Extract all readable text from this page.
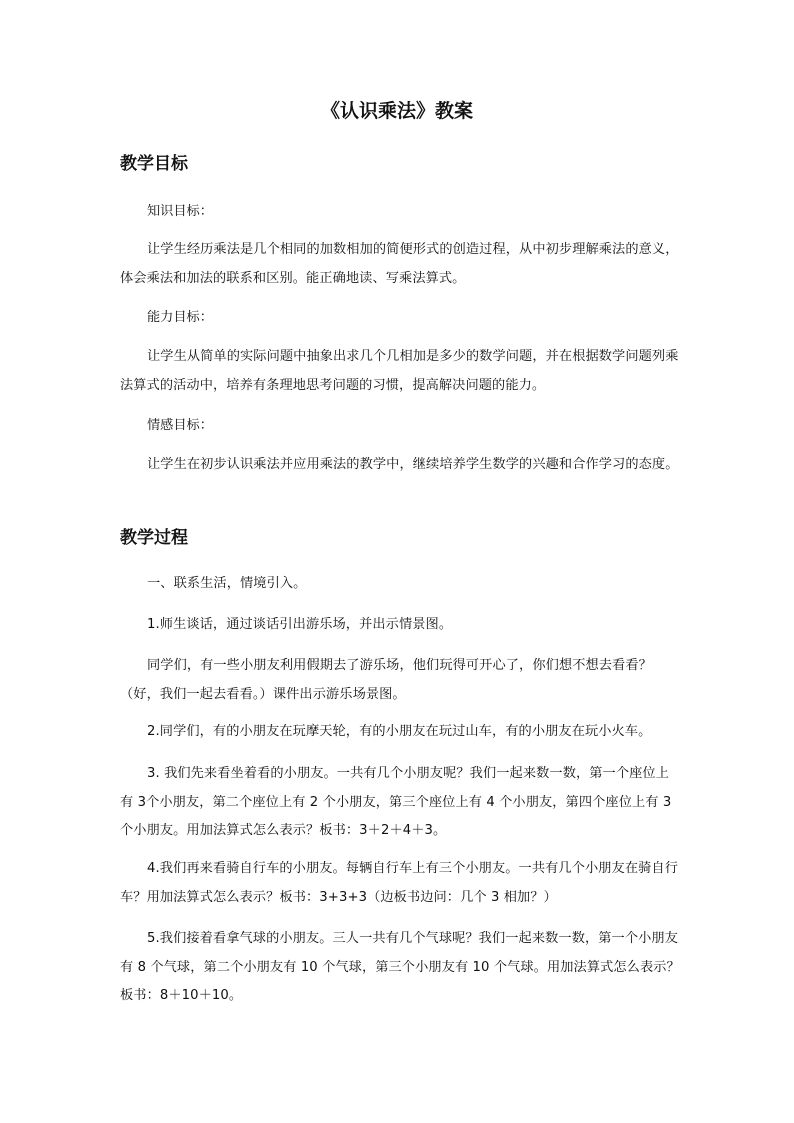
《认识乘法》教案
教学目标
知识目标：

让学生经历乘法是几个相同的加数相加的简便形式的创造过程，从中初步理解乘法的意义，体会乘法和加法的联系和区别。能正确地读、写乘法算式。

能力目标：

让学生从简单的实际问题中抽象出求几个几相加是多少的数学问题，并在根据数学问题列乘法算式的活动中，培养有条理地思考问题的习惯，提高解决问题的能力。

情感目标：

让学生在初步认识乘法并应用乘法的教学中，继续培养学生数学的兴趣和合作学习的态度。

教学过程

一、联系生活，情境引入。

1.师生谈话，通过谈话引出游乐场，并出示情景图。

同学们，有一些小朋友利用假期去了游乐场，他们玩得可开心了，你们想不想去看看？（好，我们一起去看看。）课件出示游乐场景图。

2.同学们，有的小朋友在玩摩天轮，有的小朋友在玩过山车，有的小朋友在玩小火车。

3. 我们先来看坐着看的小朋友。一共有几个小朋友呢？我们一起来数一数，第一个座位上有 3个小朋友，第二个座位上有 2 个小朋友，第三个座位上有 4 个小朋友，第四个座位上有 3个小朋友。用加法算式怎么表示？板书：3＋2＋4＋3。

4.我们再来看骑自行车的小朋友。每辆自行车上有三个小朋友。一共有几个小朋友在骑自行车？用加法算式怎么表示？板书：3+3+3（边板书边问：几个 3 相加？）

5.我们接着看拿气球的小朋友。三人一共有几个气球呢？我们一起来数一数，第一个小朋友有 8 个气球，第二个小朋友有 10 个气球，第三个小朋友有 10 个气球。用加法算式怎么表示？板书：8＋10＋10。
